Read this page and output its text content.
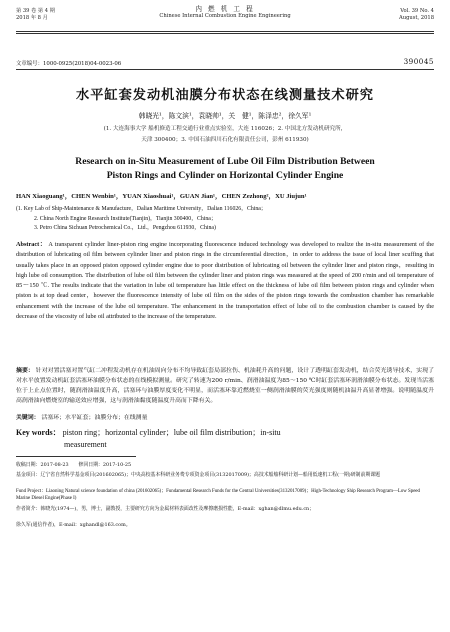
第 39 卷 第 4 期
2018 年 8 月
内 燃 机 工 程
Chinese Internal Combustion Engine Engineering
Vol. 39 No. 4
August, 2018
文章编号：1000-0925(2018)04-0023-06	390045
水平缸套发动机油膜分布状态在线测量技术研究
韩晓光¹，陈文滨¹，袁晓帅¹，关　健¹，陈泽忠²，徐久军¹
(1. 大连海事大学 船机修造工程交通行业重点实验室，大连 116026；2. 中国北方发动机研究所，
天津 300400；3. 中国石油四川石化有限责任公司，彭州 611930)
Research on in-Situ Measurement of Lube Oil Film Distribution Between
Piston Rings and Cylinder on Horizontal Cylinder Engine
HAN Xiaoguang¹，CHEN Wenbin¹，YUAN Xiaoshuai¹，GUAN Jian¹，CHEN Zezhong²，XU Jiujun¹
(1. Key Lab of Ship-Maintenance & Manufacture，Dalian Maritime University，Dalian 116026，China；
2. China North Engine Research Institute(Tianjin)，Tianjin 300400，China；
3. Petro China Sichuan Petrochemical Co.，Ltd.，Pengzhou 611930，China)
Abstract： A transparent cylinder liner-piston ring engine incorporating fluorescence induced technology was developed to realize the in-situ measurement of the distribution of lubricating oil film between cylinder liner and piston rings in the circumferential direction，in order to address the issue of local liner scuffing that usually takes place in an opposed piston opposed cylinder engine due to poor distribution of lubricating oil between the cylinder liner and piston rings，resulting in high lube oil consumption. The distribution of lube oil film between the cylinder liner and piston rings was measured at the speed of 200 r/min and oil temperature of 85～150 ℃. The results indicate that the variation in lube oil temperature has little effect on the thickness of lube oil film between piston rings and cylinder when piston is at top dead center，however the fluorescence intensity of lube oil film on the sides of the piston rings towards the combustion chamber has remarkable enhancement with the increase of the lube oil temperature. The enhancement in the transportation effect of lube oil to the combustion chamber is caused by the decrease of the viscosity of lube oil attributed to the increase of the temperature.
摘要： 针对对置活塞对置气缸二冲程发动机存在机油周向分布不均导致缸套局部拉伤、机油耗升高的问题，设计了透明缸套发动机，结合荧光诱导技术，实现了对水平放置发动机缸套活塞环油膜分布状态的在线模拟测量。研究了转速为200 r/min、润滑油温度为85～150 ℃时缸套活塞环润滑油膜分布状态。发现当活塞位于上止点位置时，随润滑油温度升高，活塞环与油膜厚度变化不明显，而活塞环靠近燃烧室一侧润滑油膜的荧光强度则随机油温升高显著增强。说明随温度升高润滑油向燃烧室的输送效应增强，这与润滑油黏度随温度升高而下降有关。
关键词： 活塞环；水平缸套；油膜分布；在线测量
Key words： piston ring；horizontal cylinder；lube oil film distribution；in-situ
measurement
收稿日期：2017-08-23　　修回日期：2017-10-25
基金项目：辽宁省自然科学基金项目(201602065)；中央高校基本科研业务费专项资金项目(3132017009)；高技术船舶科研计划—船用低速机工程(一期)研制前期课题
Fund Project：Liaoning Natural science foundation of china (201602065)；Fundamental Research Funds for the Central Universities(3132017009)；High-Technology Ship Research Program—Low Speed Marine Diesel Engine(Phase I)
作者简介：韩晓光(1974—)，男，博士，副教授，主要研究方向为金属材料表面改性及摩擦磨损性能，E-mail：xghan@dlmu.edu.cn；
徐久军(通信作者)，E-mail：xghandl@163.com。
